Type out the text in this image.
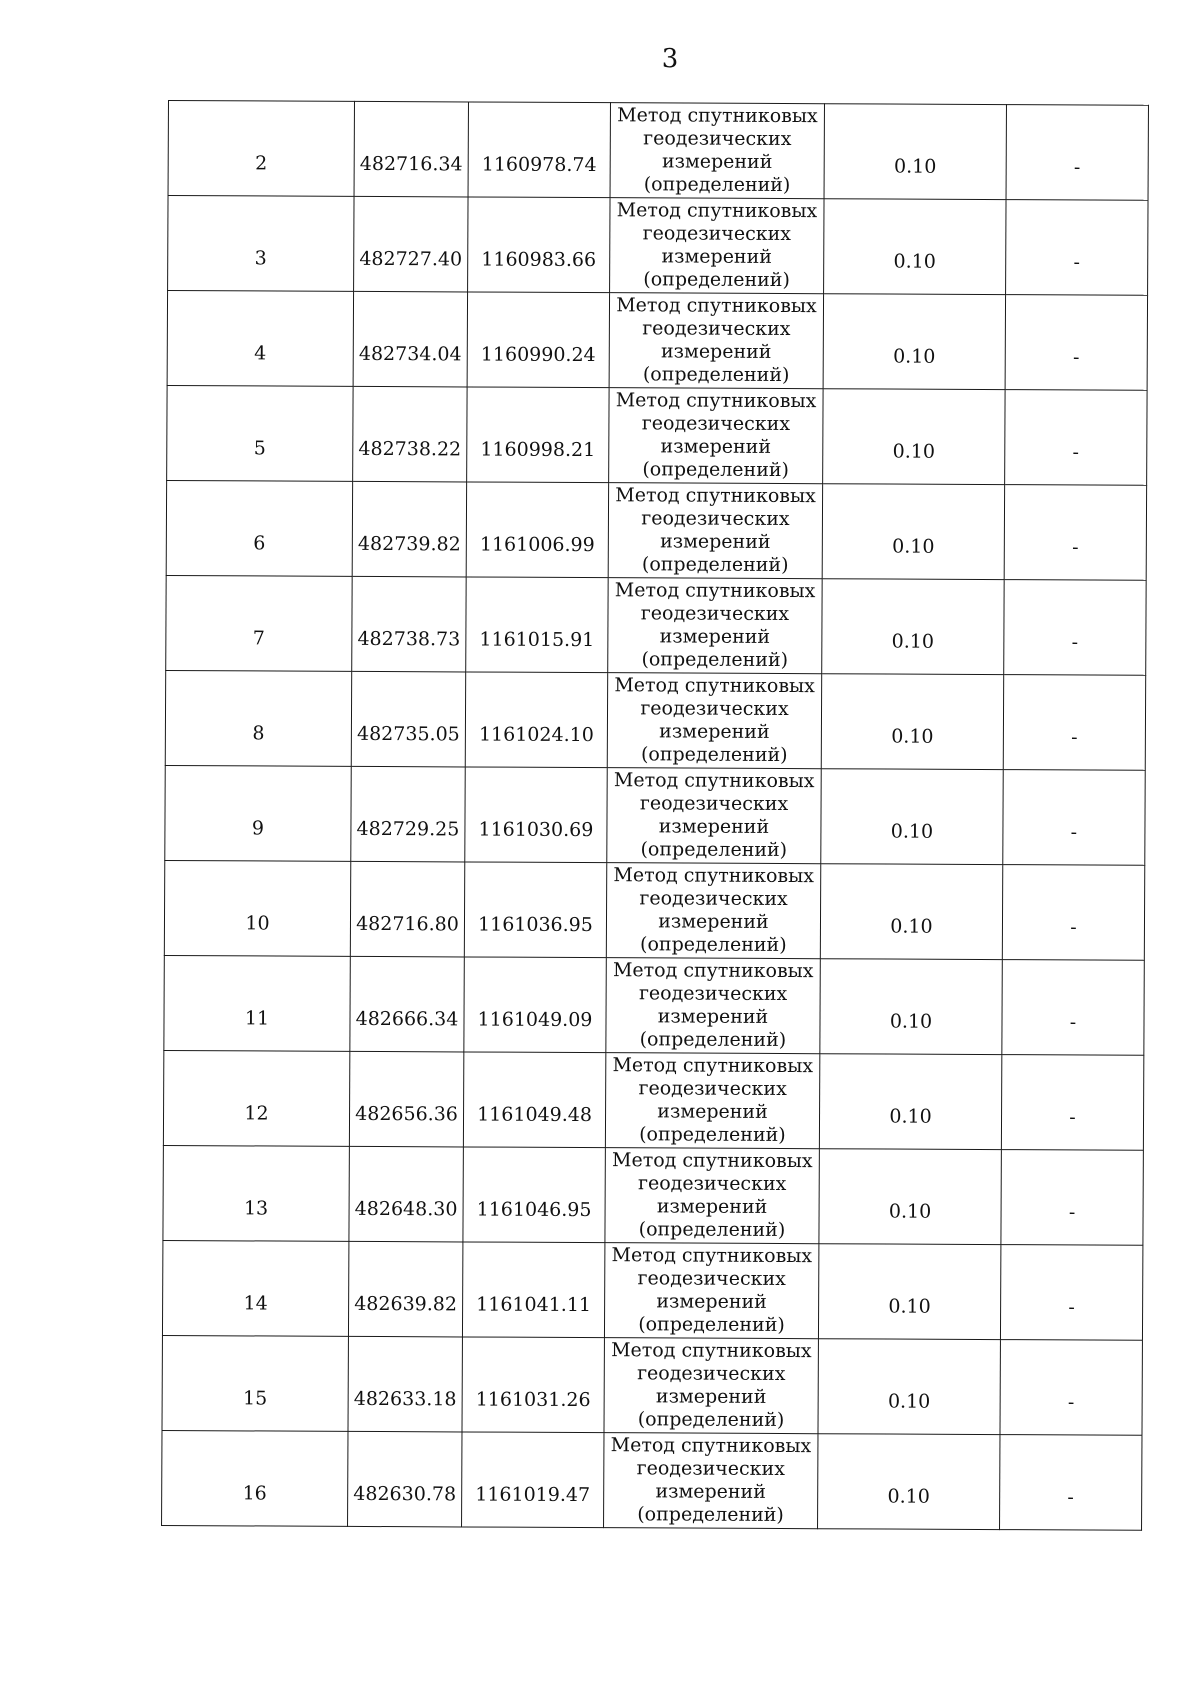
3
2	482716.34	1160978.74	Метод спутниковых
геодезических
измерений
(определений)	0.10	-
3	482727.40	1160983.66	Метод спутниковых
геодезических
измерений
(определений)	0.10	-
4	482734.04	1160990.24	Метод спутниковых
геодезических
измерений
(определений)	0.10	-
5	482738.22	1160998.21	Метод спутниковых
геодезических
измерений
(определений)	0.10	-
6	482739.82	1161006.99	Метод спутниковых
геодезических
измерений
(определений)	0.10	-
7	482738.73	1161015.91	Метод спутниковых
геодезических
измерений
(определений)	0.10	-
8	482735.05	1161024.10	Метод спутниковых
геодезических
измерений
(определений)	0.10	-
9	482729.25	1161030.69	Метод спутниковых
геодезических
измерений
(определений)	0.10	-
10	482716.80	1161036.95	Метод спутниковых
геодезических
измерений
(определений)	0.10	-
11	482666.34	1161049.09	Метод спутниковых
геодезических
измерений
(определений)	0.10	-
12	482656.36	1161049.48	Метод спутниковых
геодезических
измерений
(определений)	0.10	-
13	482648.30	1161046.95	Метод спутниковых
геодезических
измерений
(определений)	0.10	-
14	482639.82	1161041.11	Метод спутниковых
геодезических
измерений
(определений)	0.10	-
15	482633.18	1161031.26	Метод спутниковых
геодезических
измерений
(определений)	0.10	-
16	482630.78	1161019.47	Метод спутниковых
геодезических
измерений
(определений)	0.10	-
